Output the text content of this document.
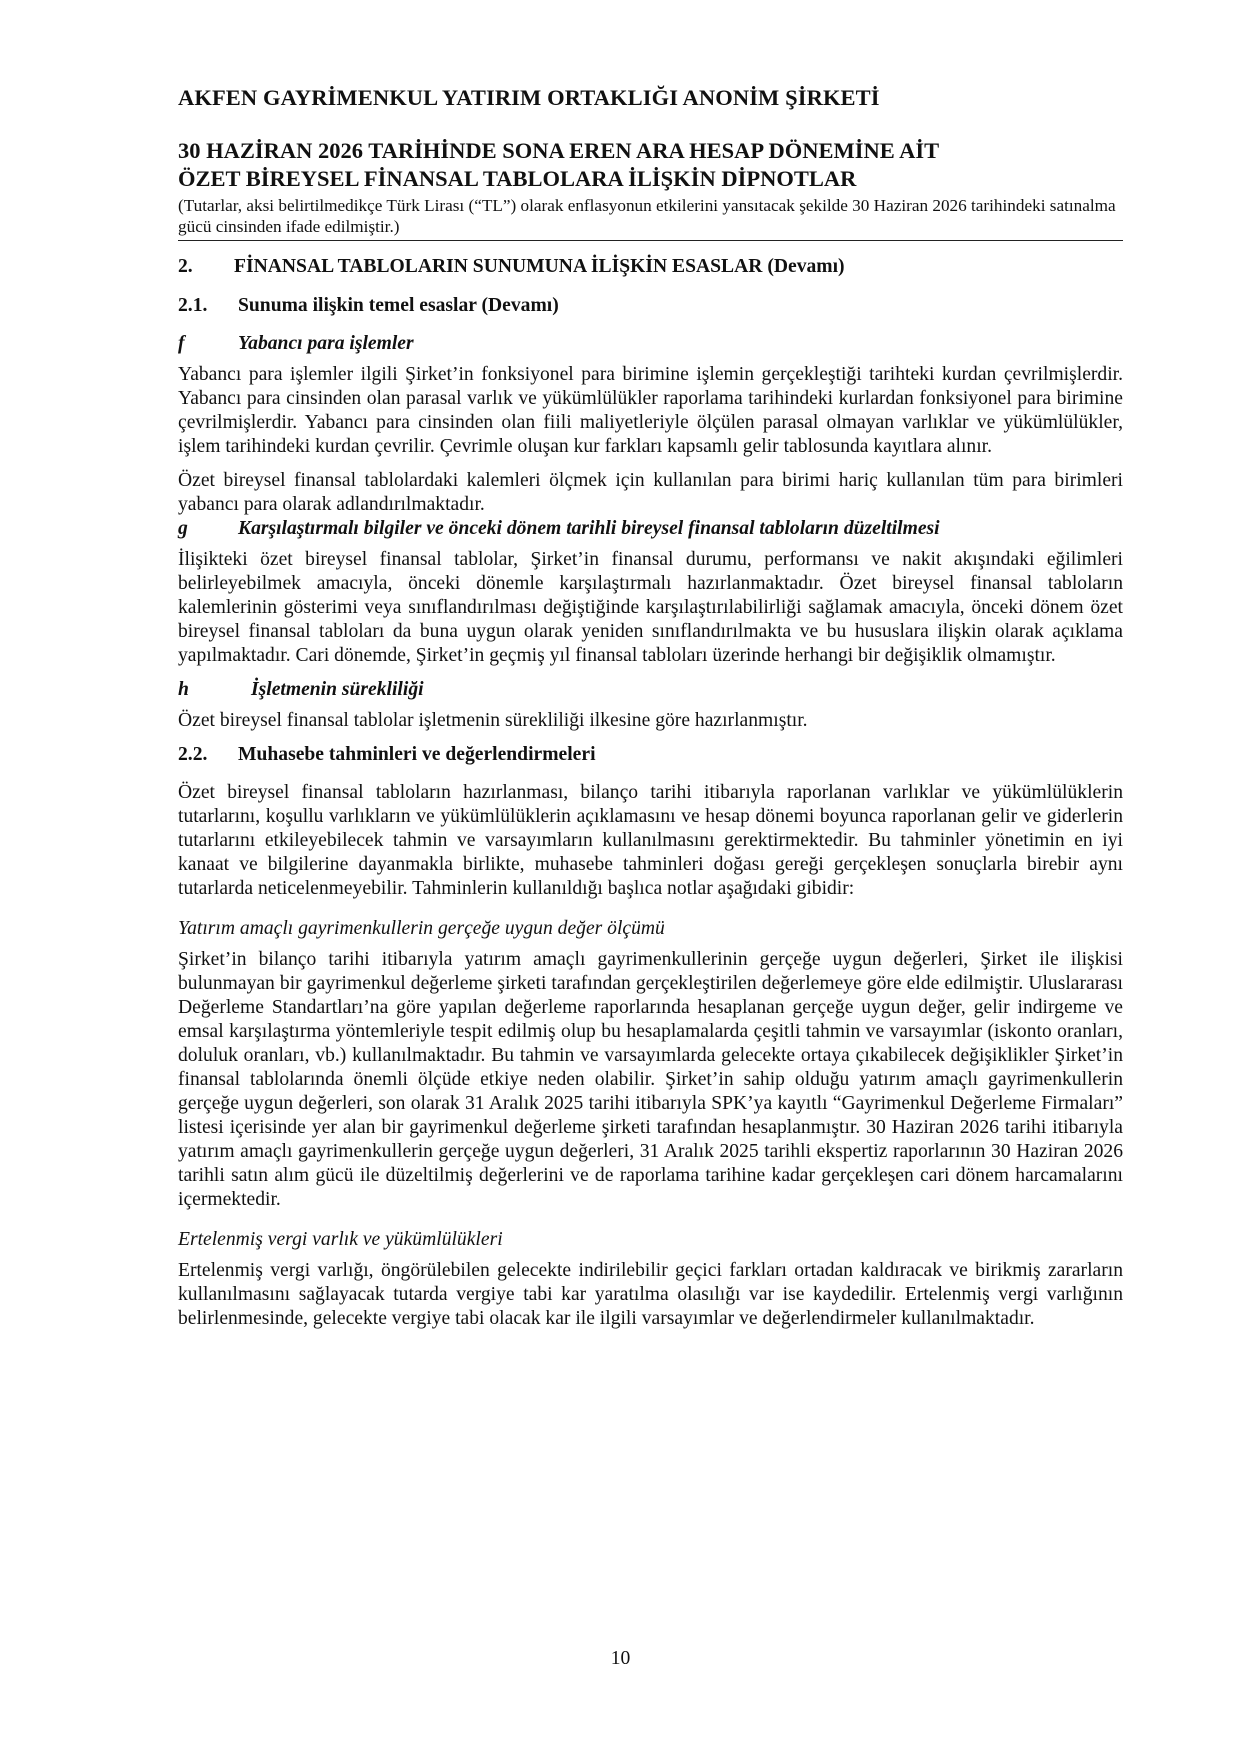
AKFEN GAYRİMENKUL YATIRIM ORTAKLIĞI ANONİM ŞİRKETİ
30 HAZİRAN 2026 TARİHİNDE SONA EREN ARA HESAP DÖNEMİNE AİT
ÖZET BİREYSEL FİNANSAL TABLOLARA İLİŞKİN DİPNOTLAR
(Tutarlar, aksi belirtilmedikçe Türk Lirası (“TL”) olarak enflasyonun etkilerini yansıtacak şekilde 30 Haziran 2026 tarihindeki satınalma gücü cinsinden ifade edilmiştir.)
2.	FİNANSAL TABLOLARIN SUNUMUNA İLİŞKİN ESASLAR (Devamı)
2.1.	Sunuma ilişkin temel esaslar (Devamı)
f	Yabancı para işlemler

Yabancı para işlemler ilgili Şirket’in fonksiyonel para birimine işlemin gerçekleştiği tarihteki kurdan çevrilmişlerdir. Yabancı para cinsinden olan parasal varlık ve yükümlülükler raporlama tarihindeki kurlardan fonksiyonel para birimine çevrilmişlerdir. Yabancı para cinsinden olan fiili maliyetleriyle ölçülen parasal olmayan varlıklar ve yükümlülükler, işlem tarihindeki kurdan çevrilir. Çevrimle oluşan kur farkları kapsamlı gelir tablosunda kayıtlara alınır.

Özet bireysel finansal tablolardaki kalemleri ölçmek için kullanılan para birimi hariç kullanılan tüm para birimleri yabancı para olarak adlandırılmaktadır.

g	Karşılaştırmalı bilgiler ve önceki dönem tarihli bireysel finansal tabloların düzeltilmesi

İlişikteki özet bireysel finansal tablolar, Şirket’in finansal durumu, performansı ve nakit akışındaki eğilimleri belirleyebilmek amacıyla, önceki dönemle karşılaştırmalı hazırlanmaktadır. Özet bireysel finansal tabloların kalemlerinin gösterimi veya sınıflandırılması değiştiğinde karşılaştırılabilirliği sağlamak amacıyla, önceki dönem özet bireysel finansal tabloları da buna uygun olarak yeniden sınıflandırılmakta ve bu hususlara ilişkin olarak açıklama yapılmaktadır. Cari dönemde, Şirket’in geçmiş yıl finansal tabloları üzerinde herhangi bir değişiklik olmamıştır.

h	İşletmenin sürekliliği

Özet bireysel finansal tablolar işletmenin sürekliliği ilkesine göre hazırlanmıştır.

2.2.	Muhasebe tahminleri ve değerlendirmeleri

Özet bireysel finansal tabloların hazırlanması, bilanço tarihi itibarıyla raporlanan varlıklar ve yükümlülüklerin tutarlarını, koşullu varlıkların ve yükümlülüklerin açıklamasını ve hesap dönemi boyunca raporlanan gelir ve giderlerin tutarlarını etkileyebilecek tahmin ve varsayımların kullanılmasını gerektirmektedir. Bu tahminler yönetimin en iyi kanaat ve bilgilerine dayanmakla birlikte, muhasebe tahminleri doğası gereği gerçekleşen sonuçlarla birebir aynı tutarlarda neticelenmeyebilir. Tahminlerin kullanıldığı başlıca notlar aşağıdaki gibidir:

Yatırım amaçlı gayrimenkullerin gerçeğe uygun değer ölçümü

Şirket’in bilanço tarihi itibarıyla yatırım amaçlı gayrimenkullerinin gerçeğe uygun değerleri, Şirket ile ilişkisi bulunmayan bir gayrimenkul değerleme şirketi tarafından gerçekleştirilen değerlemeye göre elde edilmiştir. Uluslararası Değerleme Standartları’na göre yapılan değerleme raporlarında hesaplanan gerçeğe uygun değer, gelir indirgeme ve emsal karşılaştırma yöntemleriyle tespit edilmiş olup bu hesaplamalarda çeşitli tahmin ve varsayımlar (iskonto oranları, doluluk oranları, vb.) kullanılmaktadır. Bu tahmin ve varsayımlarda gelecekte ortaya çıkabilecek değişiklikler Şirket’in finansal tablolarında önemli ölçüde etkiye neden olabilir. Şirket’in sahip olduğu yatırım amaçlı gayrimenkullerin gerçeğe uygun değerleri, son olarak 31 Aralık 2025 tarihi itibarıyla SPK’ya kayıtlı “Gayrimenkul Değerleme Firmaları” listesi içerisinde yer alan bir gayrimenkul değerleme şirketi tarafından hesaplanmıştır. 30 Haziran 2026 tarihi itibarıyla yatırım amaçlı gayrimenkullerin gerçeğe uygun değerleri, 31 Aralık 2025 tarihli ekspertiz raporlarının 30 Haziran 2026 tarihli satın alım gücü ile düzeltilmiş değerlerini ve de raporlama tarihine kadar gerçekleşen cari dönem harcamalarını içermektedir.

Ertelenmiş vergi varlık ve yükümlülükleri

Ertelenmiş vergi varlığı, öngörülebilen gelecekte indirilebilir geçici farkları ortadan kaldıracak ve birikmiş zararların kullanılmasını sağlayacak tutarda vergiye tabi kar yaratılma olasılığı var ise kaydedilir. Ertelenmiş vergi varlığının belirlenmesinde, gelecekte vergiye tabi olacak kar ile ilgili varsayımlar ve değerlendirmeler kullanılmaktadır.

10
